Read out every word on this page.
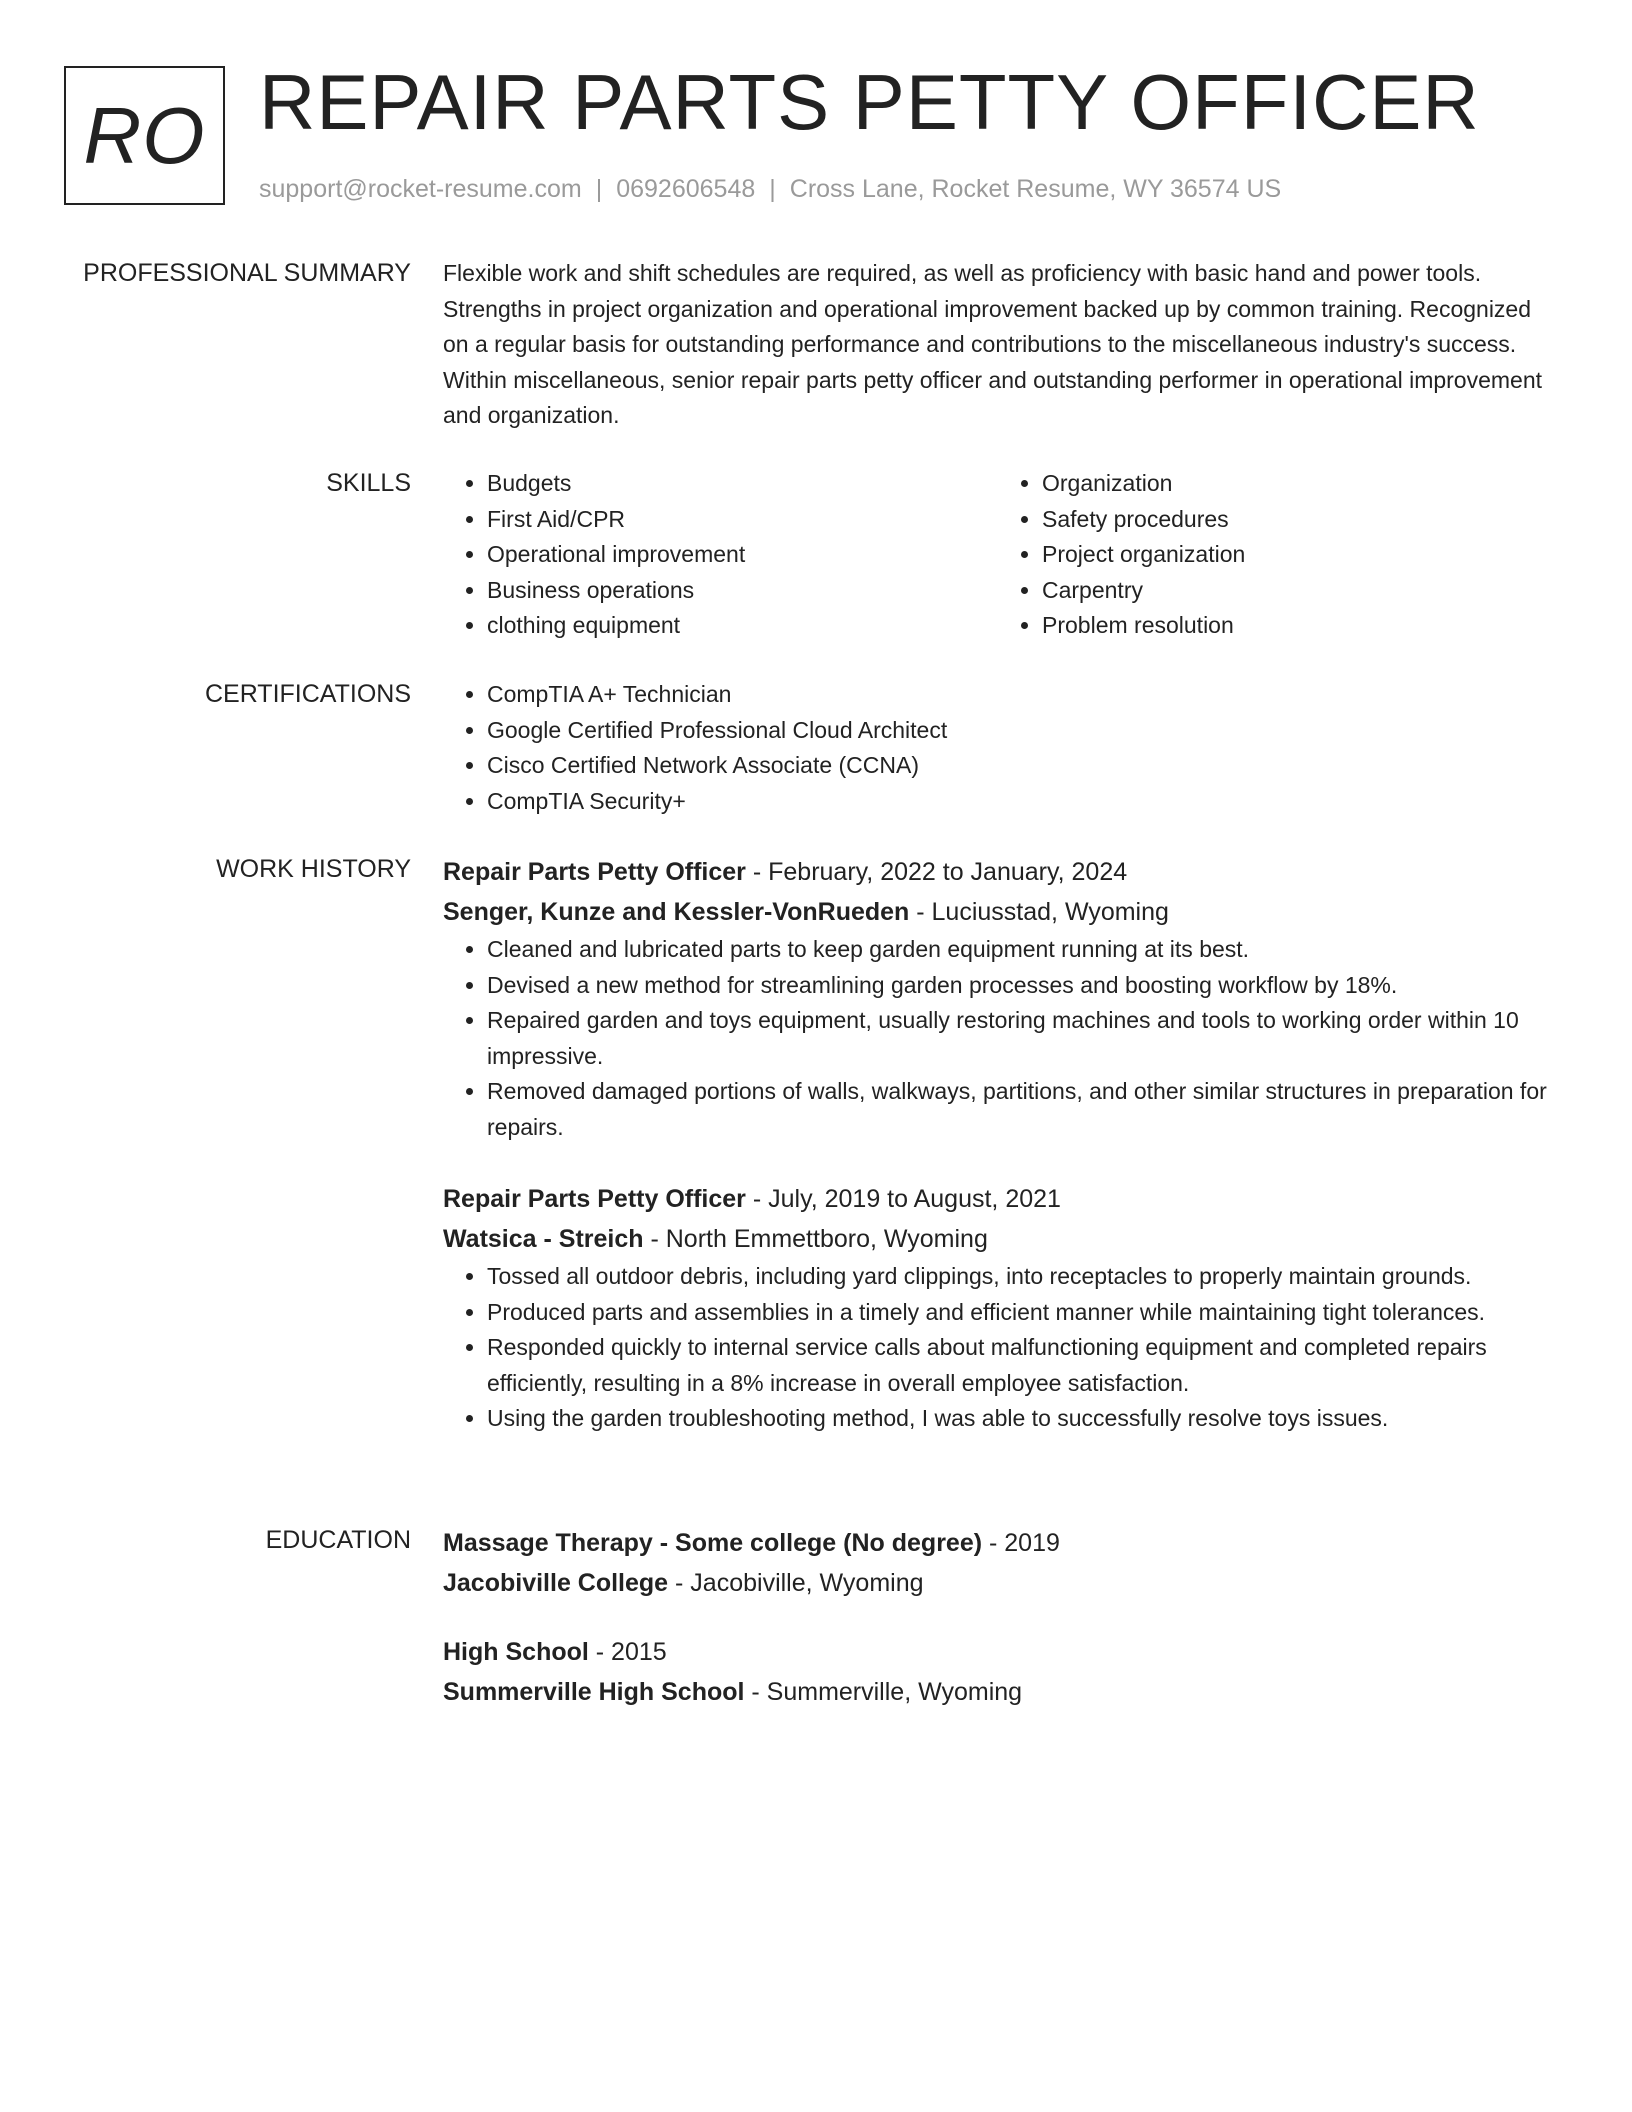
RO REPAIR PARTS PETTY OFFICER
support@rocket-resume.com | 0692606548 | Cross Lane, Rocket Resume, WY 36574 US
PROFESSIONAL SUMMARY Flexible work and shift schedules are required, as well as proficiency with basic hand and power tools. Strengths in project organization and operational improvement backed up by common training. Recognized on a regular basis for outstanding performance and contributions to the miscellaneous industry's success. Within miscellaneous, senior repair parts petty officer and outstanding performer in operational improvement and organization.

SKILLS	• Budgets
• First Aid/CPR
• Operational improvement
• Business operations
• clothing equipment
• Organization
• Safety procedures
• Project organization
• Carpentry
• Problem resolution
CERTIFICATIONS	• CompTIA A+ Technician
• Google Certified Professional Cloud Architect
• Cisco Certified Network Associate (CCNA)
• CompTIA Security+
WORK HISTORY Repair Parts Petty Officer - February, 2022 to January, 2024
Senger, Kunze and Kessler-VonRueden - Luciusstad, Wyoming
• Cleaned and lubricated parts to keep garden equipment running at its best.
• Devised a new method for streamlining garden processes and boosting workflow by 18%.
• Repaired garden and toys equipment, usually restoring machines and tools to working order within 10 impressive.
• Removed damaged portions of walls, walkways, partitions, and other similar structures in preparation for repairs.
Repair Parts Petty Officer - July, 2019 to August, 2021
Watsica - Streich - North Emmettboro, Wyoming
• Tossed all outdoor debris, including yard clippings, into receptacles to properly maintain grounds.
• Produced parts and assemblies in a timely and efficient manner while maintaining tight tolerances.
• Responded quickly to internal service calls about malfunctioning equipment and completed repairs efficiently, resulting in a 8% increase in overall employee satisfaction.
• Using the garden troubleshooting method, I was able to successfully resolve toys issues.
EDUCATION Massage Therapy - Some college (No degree) - 2019
Jacobiville College - Jacobiville, Wyoming
High School - 2015
Summerville High School - Summerville, Wyoming
